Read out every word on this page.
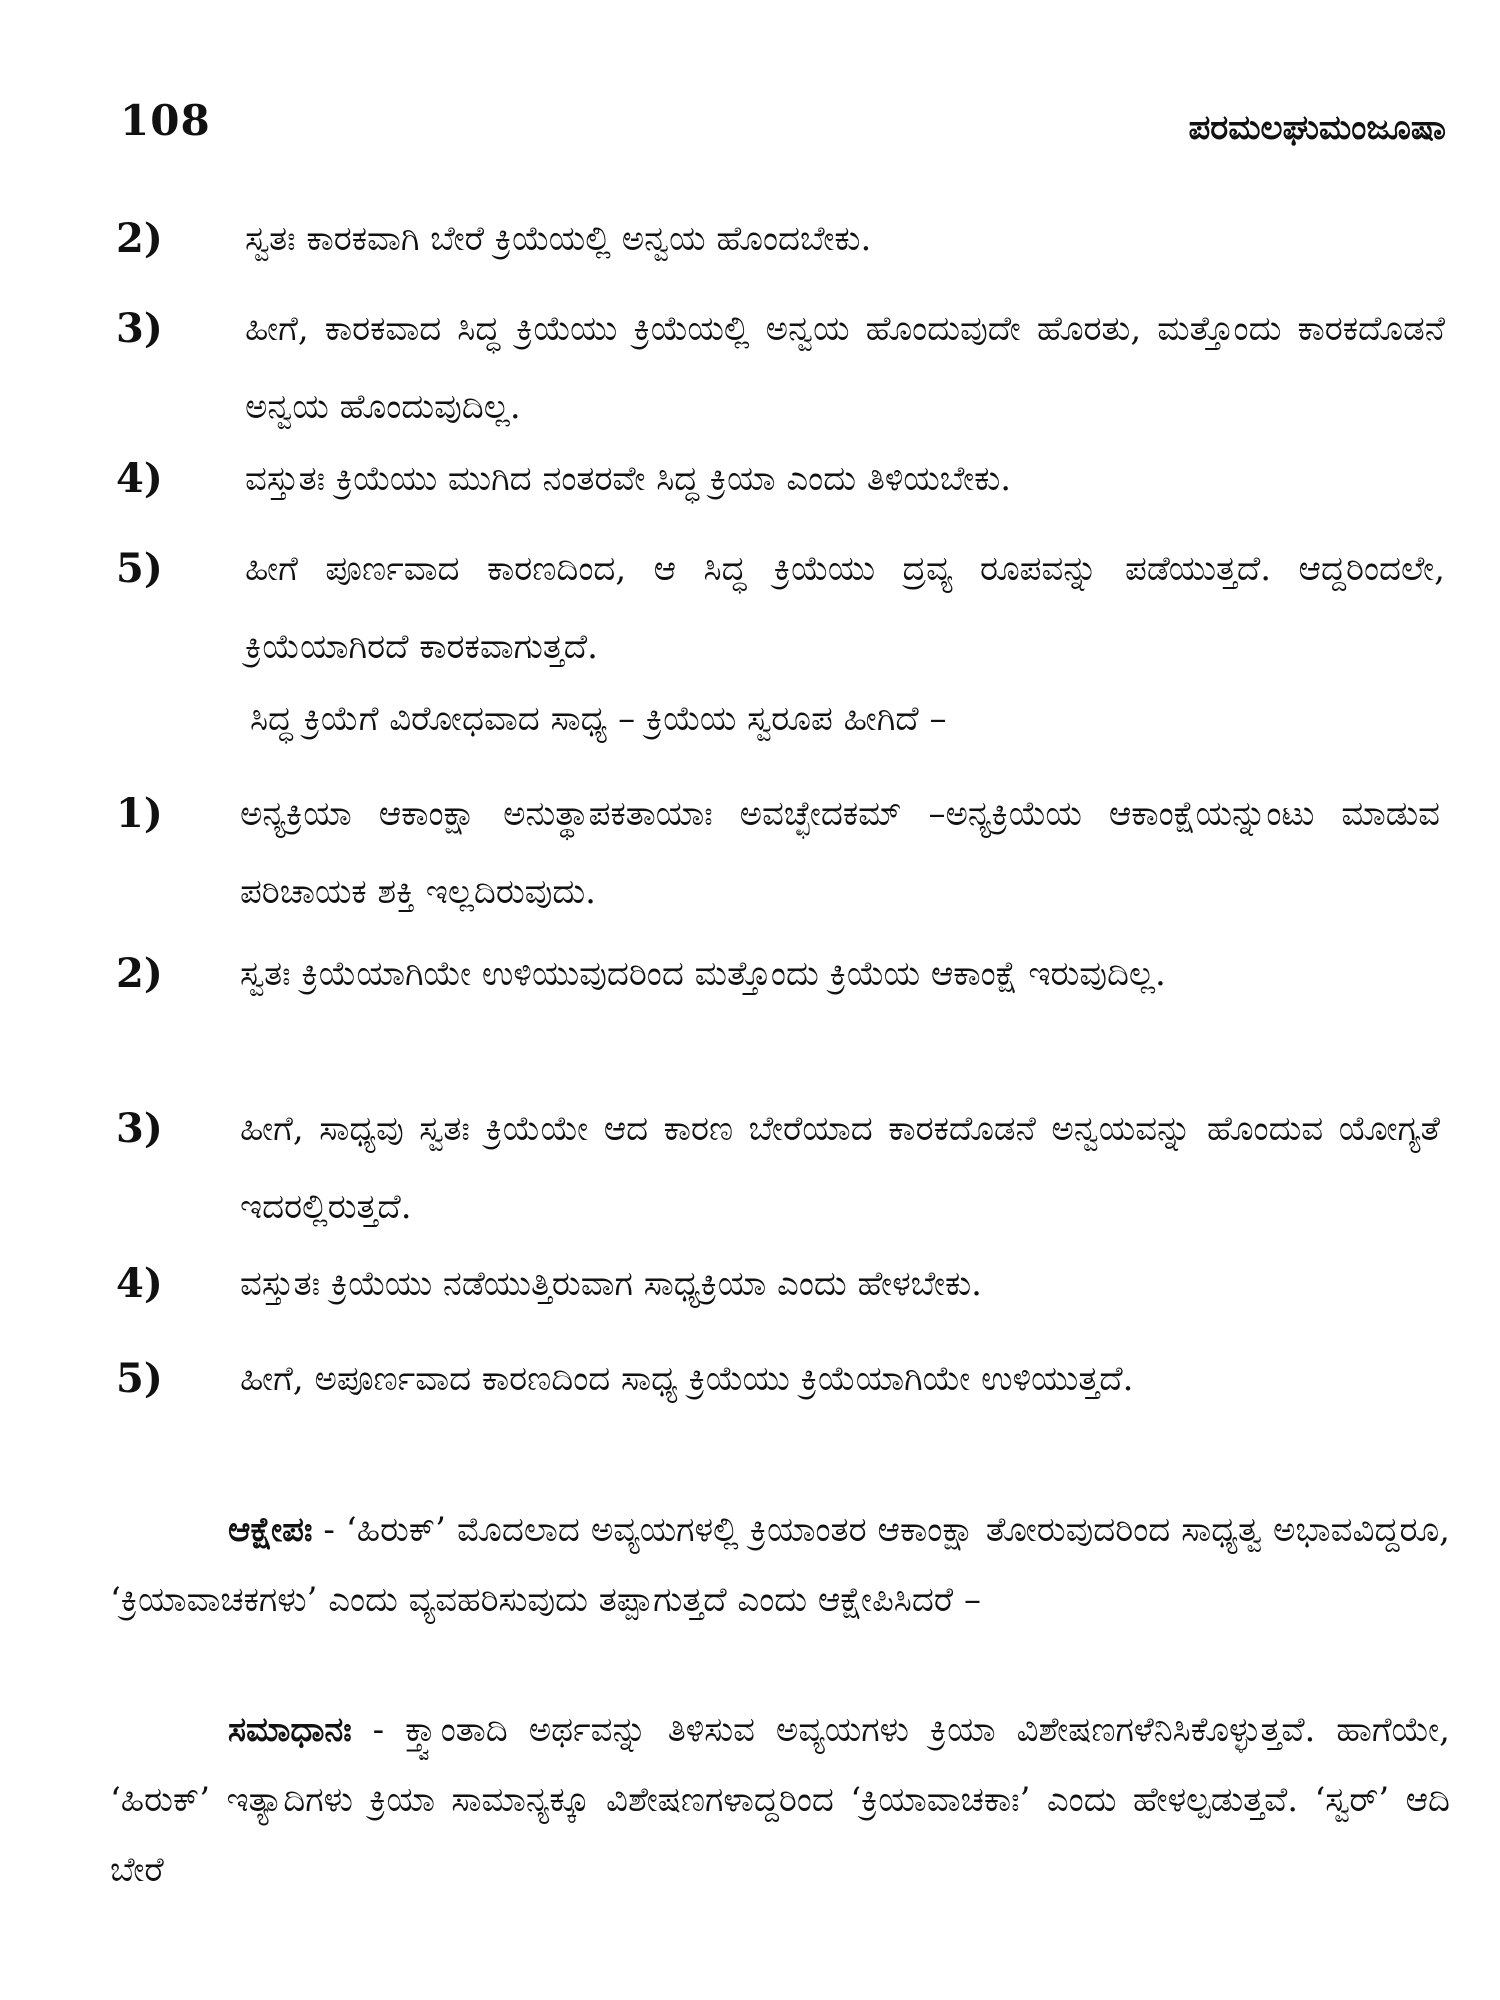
108	ಪರಮಲಘುಮಂಜೂಷಾ
2)	ಸ್ವತಃ ಕಾರಕವಾಗಿ ಬೇರೆ ಕ್ರಿಯೆಯಲ್ಲಿ ಅನ್ವಯ ಹೊಂದಬೇಕು.
3)	ಹೀಗೆ, ಕಾರಕವಾದ ಸಿದ್ಧ ಕ್ರಿಯೆಯು ಕ್ರಿಯೆಯಲ್ಲಿ ಅನ್ವಯ ಹೊಂದುವುದೇ ಹೊರತು, ಮತ್ತೊಂದು ಕಾರಕದೊಡನೆ ಅನ್ವಯ ಹೊಂದುವುದಿಲ್ಲ.
4)	ವಸ್ತುತಃ ಕ್ರಿಯೆಯು ಮುಗಿದ ನಂತರವೇ ಸಿದ್ಧ ಕ್ರಿಯಾ ಎಂದು ತಿಳಿಯಬೇಕು.
5)	ಹೀಗೆ ಪೂರ್ಣವಾದ ಕಾರಣದಿಂದ, ಆ ಸಿದ್ಧ ಕ್ರಿಯೆಯು ದ್ರವ್ಯ ರೂಪವನ್ನು ಪಡೆಯುತ್ತದೆ. ಆದ್ದರಿಂದಲೇ, ಕ್ರಿಯೆಯಾಗಿರದೆ ಕಾರಕವಾಗುತ್ತದೆ.
ಸಿದ್ಧ ಕ್ರಿಯೆಗೆ ವಿರೋಧವಾದ ಸಾಧ್ಯ – ಕ್ರಿಯೆಯ ಸ್ವರೂಪ ಹೀಗಿದೆ –
1)	ಅನ್ಯಕ್ರಿಯಾ ಆಕಾಂಕ್ಷಾ ಅನುತ್ಥಾಪಕತಾಯಾಃ ಅವಚ್ಛೇದಕಮ್ –ಅನ್ಯಕ್ರಿಯೆಯ ಆಕಾಂಕ್ಷೆಯನ್ನುಂಟು ಮಾಡುವ ಪರಿಚಾಯಕ ಶಕ್ತಿ ಇಲ್ಲದಿರುವುದು.
2)	ಸ್ವತಃ ಕ್ರಿಯೆಯಾಗಿಯೇ ಉಳಿಯುವುದರಿಂದ ಮತ್ತೊಂದು ಕ್ರಿಯೆಯ ಆಕಾಂಕ್ಷೆ ಇರುವುದಿಲ್ಲ.
3)	ಹೀಗೆ, ಸಾಧ್ಯವು ಸ್ವತಃ ಕ್ರಿಯೆಯೇ ಆದ ಕಾರಣ ಬೇರೆಯಾದ ಕಾರಕದೊಡನೆ ಅನ್ವಯವನ್ನು ಹೊಂದುವ ಯೋಗ್ಯತೆ ಇದರಲ್ಲಿರುತ್ತದೆ.
4)	ವಸ್ತುತಃ ಕ್ರಿಯೆಯು ನಡೆಯುತ್ತಿರುವಾಗ ಸಾಧ್ಯಕ್ರಿಯಾ ಎಂದು ಹೇಳಬೇಕು.
5)	ಹೀಗೆ, ಅಪೂರ್ಣವಾದ ಕಾರಣದಿಂದ ಸಾಧ್ಯ ಕ್ರಿಯೆಯು ಕ್ರಿಯೆಯಾಗಿಯೇ ಉಳಿಯುತ್ತದೆ.
ಆಕ್ಷೇಪಃ - ‘ಹಿರುಕ್’ ಮೊದಲಾದ ಅವ್ಯಯಗಳಲ್ಲಿ ಕ್ರಿಯಾಂತರ ಆಕಾಂಕ್ಷಾ ತೋರುವುದರಿಂದ ಸಾಧ್ಯತ್ವ ಅಭಾವವಿದ್ದರೂ, ‘ಕ್ರಿಯಾವಾಚಕಗಳು’ ಎಂದು ವ್ಯವಹರಿಸುವುದು ತಪ್ಪಾಗುತ್ತದೆ ಎಂದು ಆಕ್ಷೇಪಿಸಿದರೆ –
ಸಮಾಧಾನಃ - ಕ್ತ್ವಾಂತಾದಿ ಅರ್ಥವನ್ನು ತಿಳಿಸುವ ಅವ್ಯಯಗಳು ಕ್ರಿಯಾ ವಿಶೇಷಣಗಳೆನಿಸಿಕೊಳ್ಳುತ್ತವೆ. ಹಾಗೆಯೇ, ‘ಹಿರುಕ್’ ಇತ್ಯಾದಿಗಳು ಕ್ರಿಯಾ ಸಾಮಾನ್ಯಕ್ಕೂ ವಿಶೇಷಣಗಳಾದ್ದರಿಂದ ‘ಕ್ರಿಯಾವಾಚಕಾಃ’ ಎಂದು ಹೇಳಲ್ಪಡುತ್ತವೆ. ‘ಸ್ವರ್’ ಆದಿ ಬೇರೆ
